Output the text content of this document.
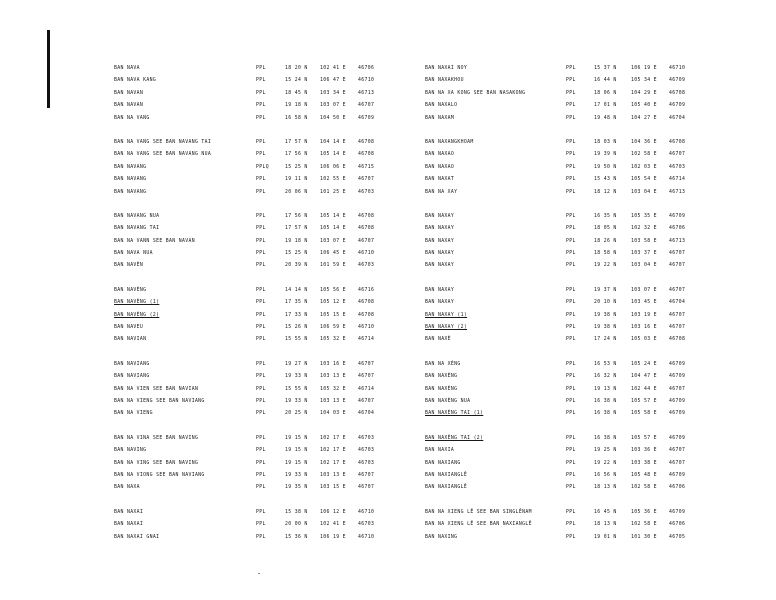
BAN NAVA	PPL	18 20 N	102 41 E	46706
BAN NAVA KANG	PPL	15 24 N	106 47 E	46710
BAN NAVAN	PPL	18 45 N	103 34 E	46713
BAN NAVAN	PPL	19 18 N	103 07 E	46707
BAN NA VANG	PPL	16 58 N	104 50 E	46709
BAN NA VANG SEE BAN NAVANG TAI	PPL	17 57 N	104 14 E	46708
BAN NA VANG SEE BAN NAVANG NUA	PPL	17 56 N	105 14 E	46708
BAN NAVANG	PPLQ	15 25 N	106 06 E	46715
BAN NAVANG	PPL	19 11 N	102 55 E	46707
BAN NAVANG	PPL	20 06 N	101 25 E	46703
BAN NAVANG NUA	PPL	17 56 N	105 14 E	46708
BAN NAVANG TAI	PPL	17 57 N	105 14 E	46708
BAN NA VANN SEE BAN NAVAN	PPL	19 18 N	103 07 E	46707
BAN NAVA NUA	PPL	15 25 N	106 45 E	46710
BAN NAVÈN	PPL	20 39 N	101 59 E	46703
BAN NAVÈNG	PPL	14 14 N	105 56 E	46716
BAN NAVÈNG (1)	PPL	17 35 N	105 12 E	46708
BAN NAVÈNG (2)	PPL	17 33 N	105 15 E	46708
BAN NAVEU	PPL	15 26 N	106 59 E	46710
BAN NAVIAN	PPL	15 55 N	105 32 E	46714
BAN NAVIANG	PPL	19 27 N	103 16 E	46707
BAN NAVIANG	PPL	19 33 N	103 13 E	46707
BAN NA VIEN SEE BAN NAVIAN	PPL	15 55 N	105 32 E	46714
BAN NA VIENG SEE BAN NAVIANG	PPL	19 33 N	103 13 E	46707
BAN NA VIENG	PPL	20 25 N	104 03 E	46704
BAN NA VINA SEE BAN NAVING	PPL	19 15 N	102 17 E	46703
BAN NAVING	PPL	19 15 N	102 17 E	46703
BAN NA VING SEE BAN NAVING	PPL	19 15 N	102 17 E	46703
BAN NA VIONG SEE BAN NAVIANG	PPL	19 33 N	103 13 E	46707
BAN NAXA	PPL	19 35 N	103 15 E	46707
BAN NAXAI	PPL	15 38 N	106 12 E	46710
BAN NAXAI	PPL	20 00 N	102 41 E	46703
BAN NAXAI GNAI	PPL	15 36 N	106 19 E	46710
BAN NAXAI NOY	PPL	15 37 N	106 19 E	46710
BAN NAXAKHOU	PPL	16 44 N	105 34 E	46709
BAN NA XA KONG SEE BAN NASAKONG	PPL	18 06 N	104 29 E	46708
BAN NAXALO	PPL	17 01 N	105 40 E	46709
BAN NAXAM	PPL	19 48 N	104 27 E	46704
BAN NAXANGKHOAM	PPL	18 03 N	104 36 E	46708
BAN NAXAO	PPL	19 39 N	102 58 E	46707
BAN NAXAO	PPL	19 50 N	102 03 E	46703
BAN NAXAT	PPL	15 43 N	105 54 E	46714
BAN NA XAY	PPL	18 12 N	103 04 E	46713
BAN NAXAY	PPL	16 35 N	105 35 E	46709
BAN NAXAY	PPL	18 05 N	102 32 E	46706
BAN NAXAY	PPL	18 26 N	103 58 E	46713
BAN NAXAY	PPL	18 58 N	103 37 E	46707
BAN NAXAY	PPL	19 22 N	103 04 E	46707
BAN NAXAY	PPL	19 37 N	103 07 E	46707
BAN NAXAY	PPL	20 10 N	103 45 E	46704
BAN NAXAY (1)	PPL	19 38 N	103 19 E	46707
BAN NAXAY (2)	PPL	19 38 N	103 16 E	46707
BAN NAXÈ	PPL	17 24 N	105 03 E	46708
BAN NA XÈNG	PPL	16 53 N	105 24 E	46709
BAN NAXÈNG	PPL	16 32 N	104 47 E	46709
BAN NAXÈNG	PPL	19 13 N	102 44 E	46707
BAN NAXÈNG NUA	PPL	16 38 N	105 57 E	46709
BAN NAXÈNG TAI (1)	PPL	16 38 N	105 58 E	46709
BAN NAXÈNG TAI (2)	PPL	16 38 N	105 57 E	46709
BAN NAXIA	PPL	19 25 N	103 36 E	46707
BAN NAXIANG	PPL	19 22 N	103 38 E	46707
BAN NAXIANGLÊ	PPL	16 56 N	105 48 E	46709
BAN NAXIANGLÊ	PPL	18 13 N	102 58 E	46706
BAN NA XIENG LÊ SEE BAN SINGLÊNAM	PPL	16 45 N	105 36 E	46709
BAN NA XIENG LÊ SEE BAN NAXIANGLÊ	PPL	18 13 N	102 58 E	46706
BAN NAXING	PPL	19 01 N	101 30 E	46705
